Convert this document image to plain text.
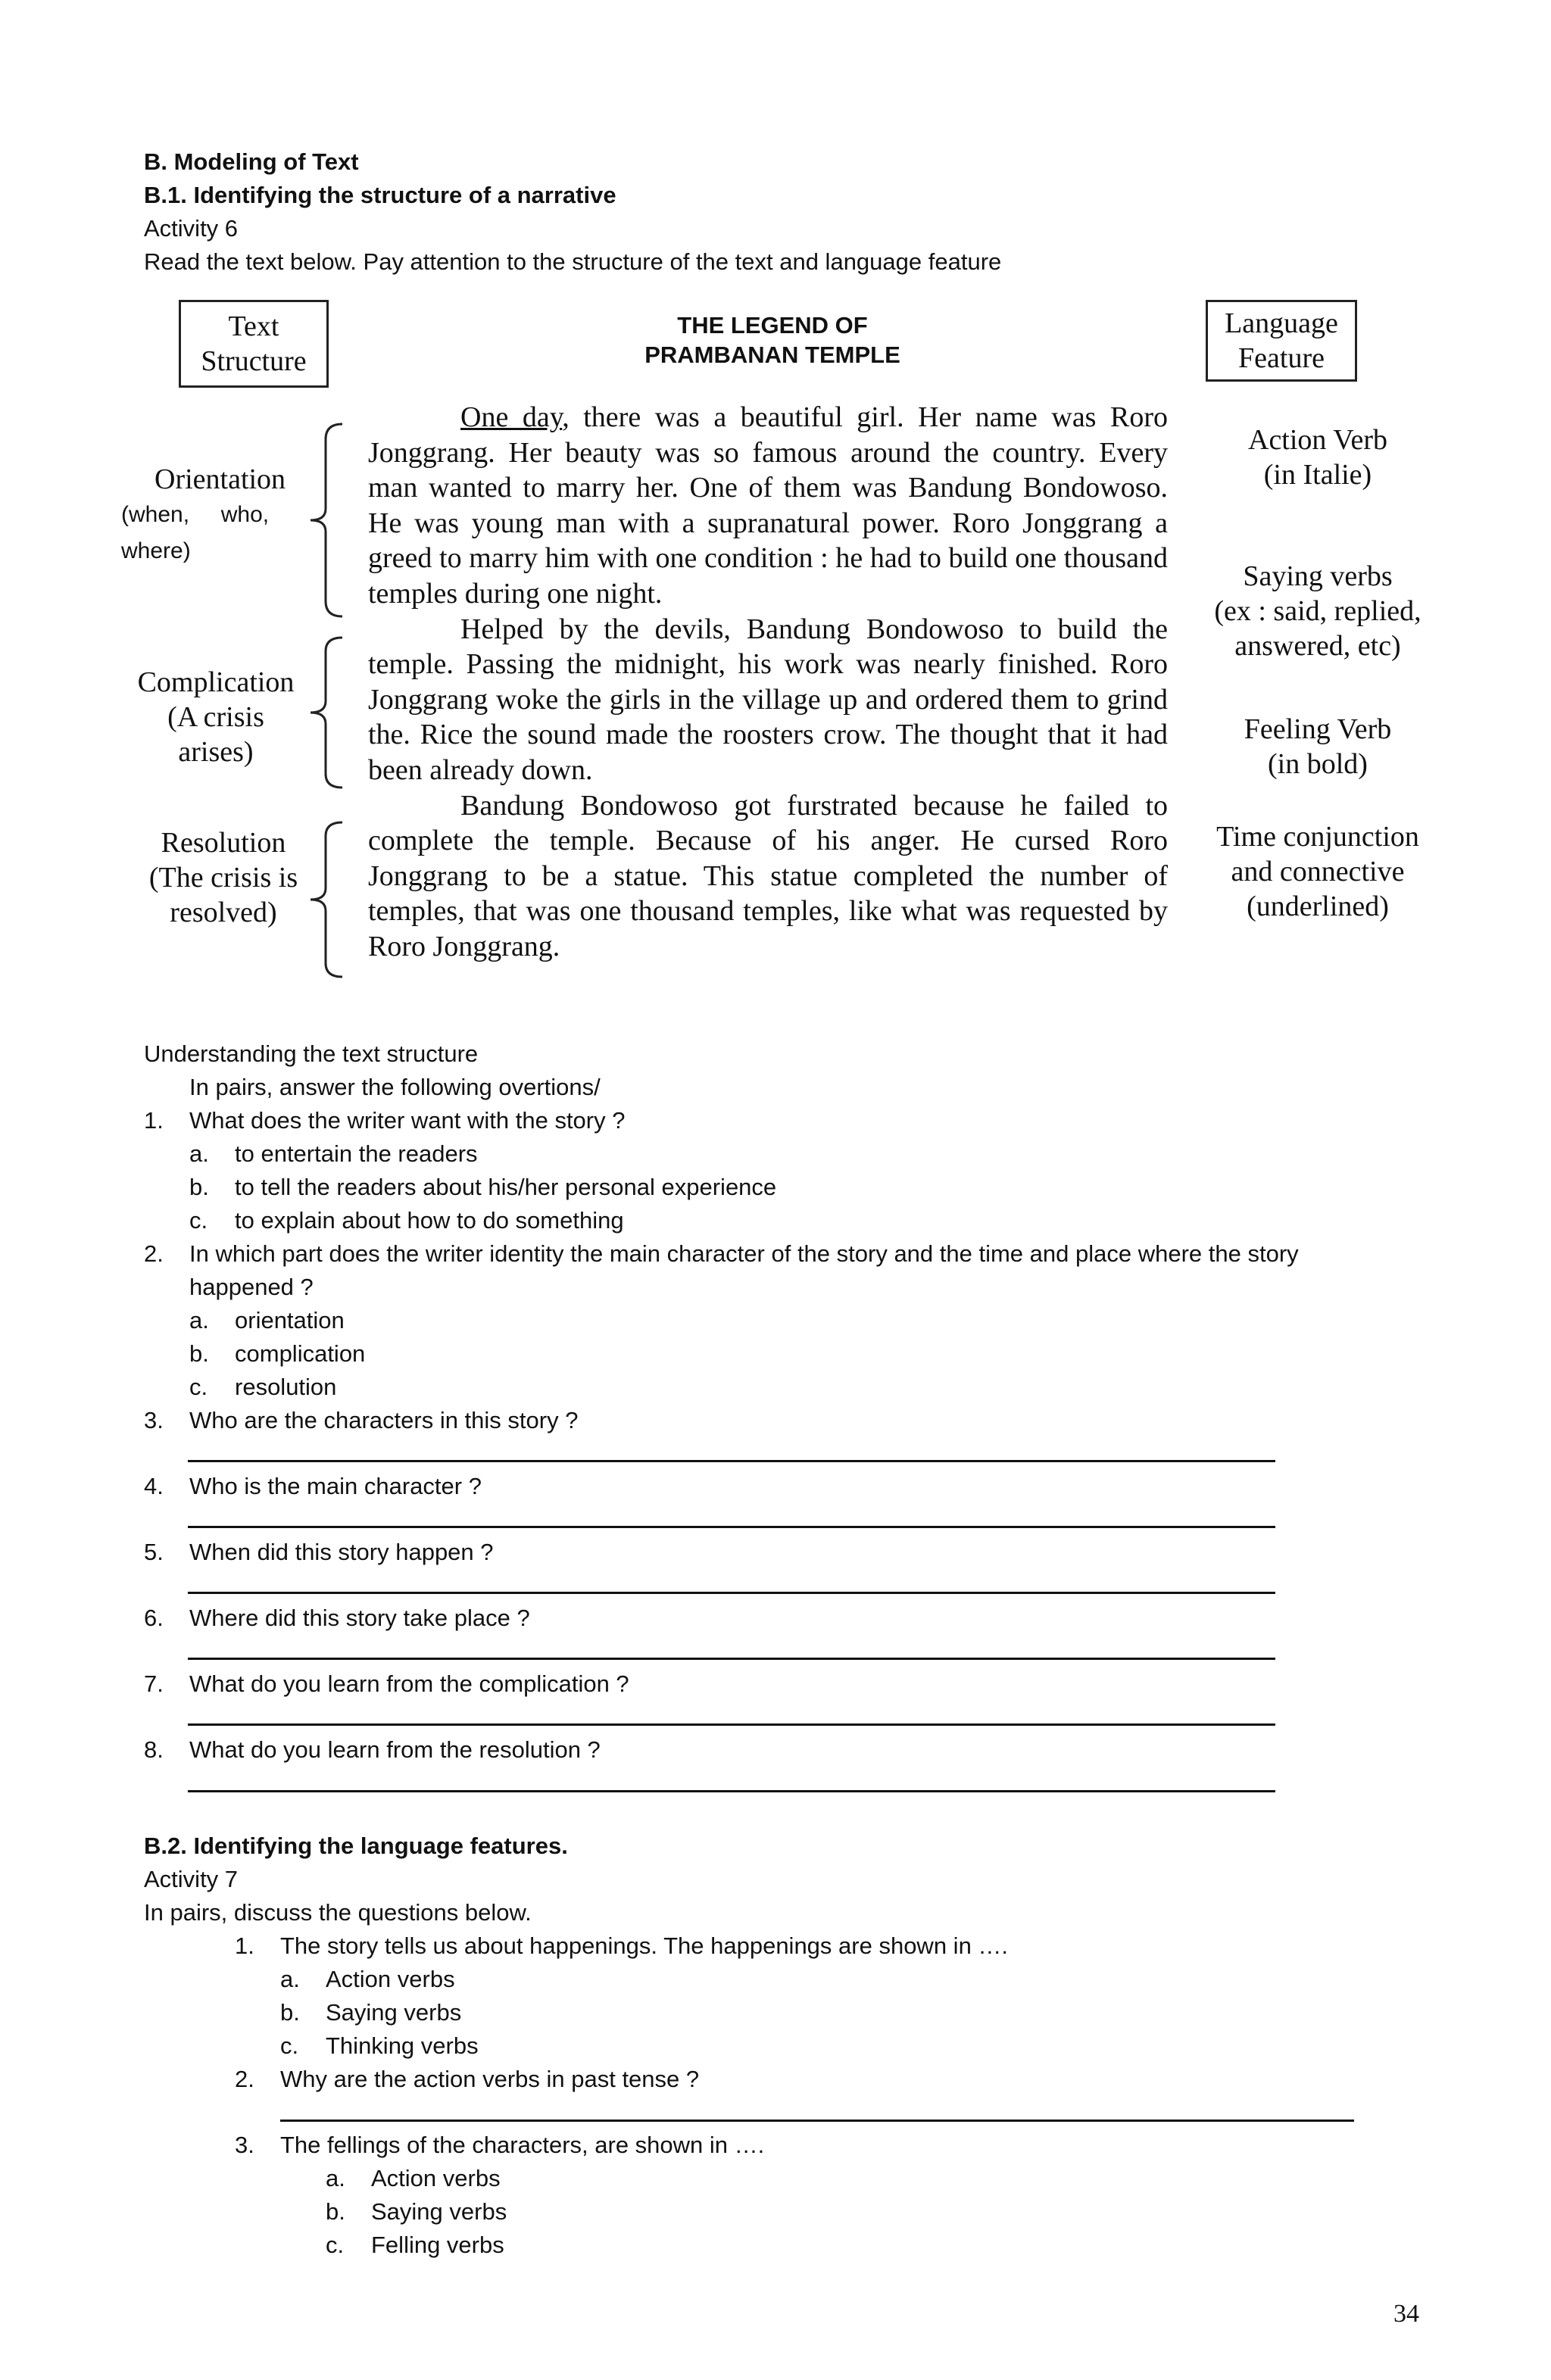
B. Modeling of Text
B.1. Identifying the structure of a narrative
Activity 6
Read the text below. Pay attention to the structure of the text and language feature
Text
Structure
Language
Feature
THE LEGEND OF
PRAMBANAN TEMPLE

One day, there was a beautiful girl. Her name was Roro Jonggrang. Her beauty was so famous around the country. Every man wanted to marry her. One of them was Bandung Bondowoso. He was young man with a supranatural power. Roro Jonggrang a greed to marry him with one condition : he had to build one thousand temples during one night.

Helped by the devils, Bandung Bondowoso to build the temple. Passing the midnight, his work was nearly finished. Roro Jonggrang woke the girls in the village up and ordered them to grind the. Rice the sound made the roosters crow. The thought that it had been already down.

Bandung Bondowoso got furstrated because he failed to complete the temple. Because of his anger. He cursed Roro Jonggrang to be a statue. This statue completed the number of temples, that was one thousand temples, like what was requested by Roro Jonggrang.

Orientation
(when,     who,
where)
Complication
(A crisis
arises)
Resolution
(The crisis is
resolved)
Action Verb
(in Italie)
Saying verbs
(ex : said, replied,
answered, etc)
Feeling Verb
(in bold)
Time conjunction
and connective
(underlined)
Understanding the text structure
In pairs, answer the following overtions/
1. What does the writer want with the story ?
a. to entertain the readers
b. to tell the readers about his/her personal experience
c. to explain about how to do something
2. In which part does the writer identity the main character of the story and the time and place where the story
happened ?
a. orientation
b. complication
c. resolution
3. Who are the characters in this story ?
4. Who is the main character ?
5. When did this story happen ?
6. Where did this story take place ?
7. What do you learn from the complication ?
8. What do you learn from the resolution ?
B.2. Identifying the language features.
Activity 7
In pairs, discuss the questions below.
1. The story tells us about happenings. The happenings are shown in ….
a. Action verbs
b. Saying verbs
c. Thinking verbs
2. Why are the action verbs in past tense ?
3. The fellings of the characters, are shown in ….
a. Action verbs
b. Saying verbs
c. Felling verbs
34
